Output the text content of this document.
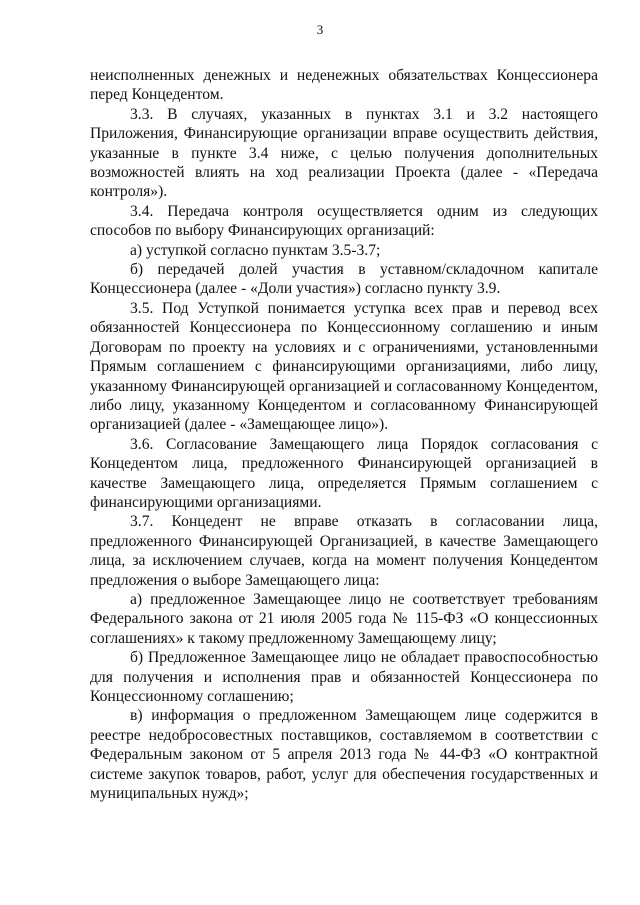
3

неисполненных денежных и неденежных обязательствах Концессионера перед Концедентом.

3.3. В случаях, указанных в пунктах 3.1 и 3.2 настоящего Приложения, Финансирующие организации вправе осуществить действия, указанные в пункте 3.4 ниже, с целью получения дополнительных возможностей влиять на ход реализации Проекта (далее - «Передача контроля»).

3.4. Передача контроля осуществляется одним из следующих способов по выбору Финансирующих организаций:

а) уступкой согласно пунктам 3.5-3.7;

б) передачей долей участия в уставном/складочном капитале Концессионера (далее - «Доли участия») согласно пункту 3.9.

3.5. Под Уступкой понимается уступка всех прав и перевод всех обязанностей Концессионера по Концессионному соглашению и иным Договорам по проекту на условиях и с ограничениями, установленными Прямым соглашением с финансирующими организациями, либо лицу, указанному Финансирующей организацией и согласованному Концедентом, либо лицу, указанному Концедентом и согласованному Финансирующей организацией (далее - «Замещающее лицо»).

3.6. Согласование Замещающего лица Порядок согласования с Концедентом лица, предложенного Финансирующей организацией в качестве Замещающего лица, определяется Прямым соглашением с финансирующими организациями.

3.7. Концедент не вправе отказать в согласовании лица, предложенного Финансирующей Организацией, в качестве Замещающего лица, за исключением случаев, когда на момент получения Концедентом предложения о выборе Замещающего лица:

а) предложенное Замещающее лицо не соответствует требованиям Федерального закона от 21 июля 2005 года № 115-ФЗ «О концессионных соглашениях» к такому предложенному Замещающему лицу;

б) Предложенное Замещающее лицо не обладает правоспособностью для получения и исполнения прав и обязанностей Концессионера по Концессионному соглашению;

в) информация о предложенном Замещающем лице содержится в реестре недобросовестных поставщиков, составляемом в соответствии с Федеральным законом от 5 апреля 2013 года № 44-ФЗ «О контрактной системе закупок товаров, работ, услуг для обеспечения государственных и муниципальных нужд»;
